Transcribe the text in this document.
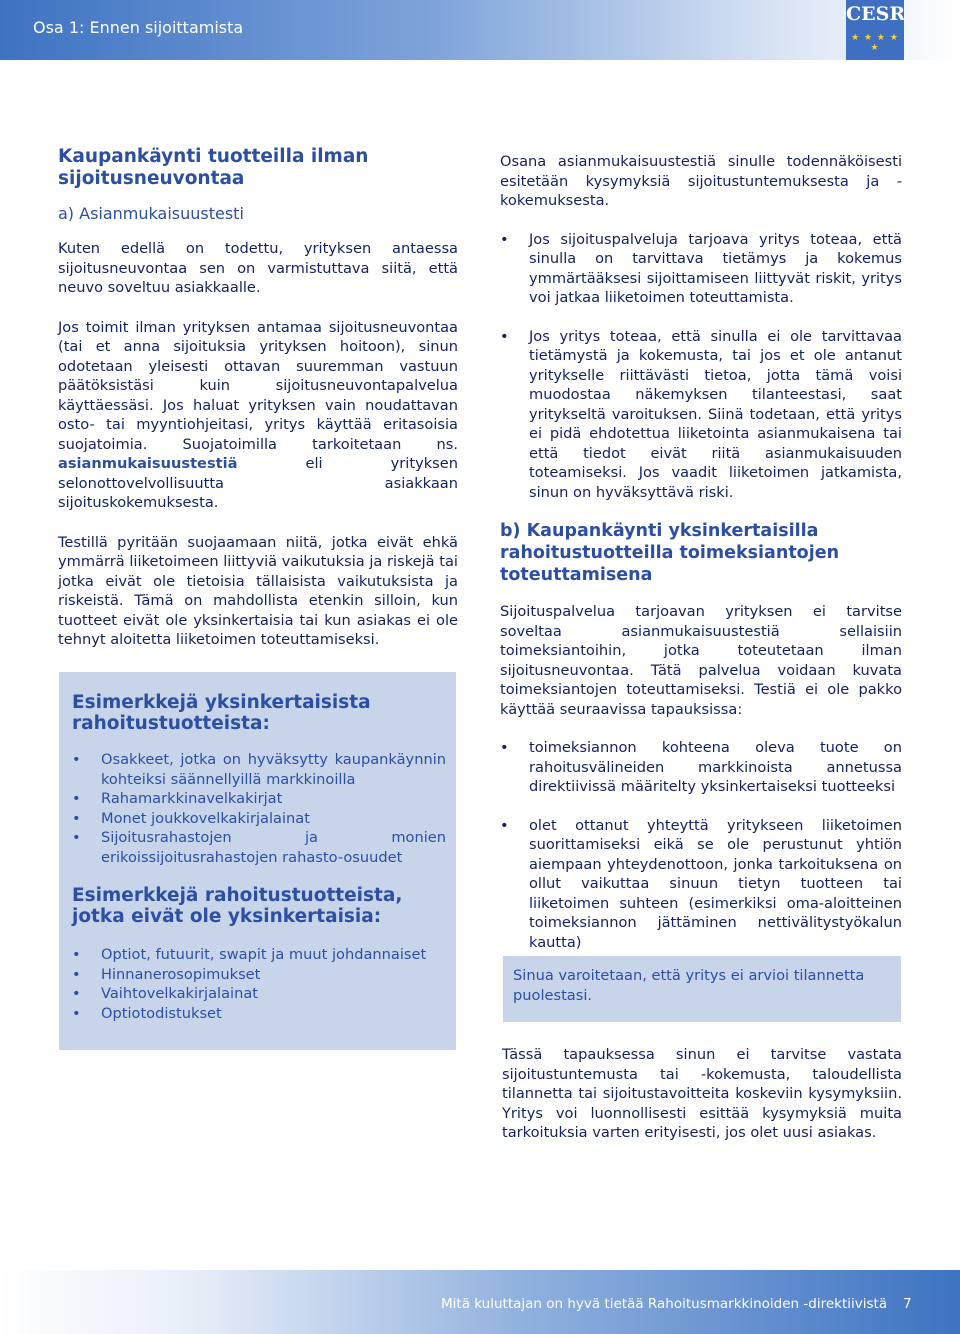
Osa 1: Ennen sijoittamista
CESR
★ ★ ★ ★ ★
Kaupankäynti tuotteilla ilman sijoitusneuvontaa
a) Asianmukaisuustesti

Kuten edellä on todettu, yrityksen antaessa sijoitusneuvontaa sen on varmistuttava siitä, että neuvo soveltuu asiakkaalle.

Jos toimit ilman yrityksen antamaa sijoitusneuvontaa (tai et anna sijoituksia yrityksen hoitoon), sinun odotetaan yleisesti ottavan suuremman vastuun päätöksistäsi kuin sijoitusneuvontapalvelua käyttäessäsi. Jos haluat yrityksen vain noudattavan osto- tai myyntiohjeitasi, yritys käyttää eritasoisia suojatoimia. Suojatoimilla tarkoitetaan ns. asianmukaisuustestiä eli yrityksen selonottovelvollisuutta asiakkaan sijoituskokemuksesta.

Testillä pyritään suojaamaan niitä, jotka eivät ehkä ymmärrä liiketoimeen liittyviä vaikutuksia ja riskejä tai jotka eivät ole tietoisia tällaisista vaikutuksista ja riskeistä. Tämä on mahdollista etenkin silloin, kun tuotteet eivät ole yksinkertaisia tai kun asiakas ei ole tehnyt aloitetta liiketoimen toteuttamiseksi.

Esimerkkejä yksinkertaisista rahoitustuotteista:
• Osakkeet, jotka on hyväksytty kaupankäynnin kohteiksi säännellyillä markkinoilla
• Rahamarkkinavelkakirjat
• Monet joukkovelkakirjalainat
• Sijoitusrahastojen ja monien erikoissijoitusrahastojen rahasto-osuudet
Esimerkkejä rahoitustuotteista, jotka eivät ole yksinkertaisia:
• Optiot, futuurit, swapit ja muut johdannaiset
• Hinnanerosopimukset
• Vaihtovelkakirjalainat
• Optiotodistukset

Osana asianmukaisuustestiä sinulle todennäköisesti esitetään kysymyksiä sijoitustuntemuksesta ja -kokemuksesta.

• Jos sijoituspalveluja tarjoava yritys toteaa, että sinulla on tarvittava tietämys ja kokemus ymmärtääksesi sijoittamiseen liittyvät riskit, yritys voi jatkaa liiketoimen toteuttamista.
• Jos yritys toteaa, että sinulla ei ole tarvittavaa tietämystä ja kokemusta, tai jos et ole antanut yritykselle riittävästi tietoa, jotta tämä voisi muodostaa näkemyksen tilanteestasi, saat yritykseltä varoituksen. Siinä todetaan, että yritys ei pidä ehdotettua liiketointa asianmukaisena tai että tiedot eivät riitä asianmukaisuuden toteamiseksi. Jos vaadit liiketoimen jatkamista, sinun on hyväksyttävä riski.
b) Kaupankäynti yksinkertaisilla rahoitustuotteilla toimeksiantojen toteuttamisena

Sijoituspalvelua tarjoavan yrityksen ei tarvitse soveltaa asianmukaisuustestiä sellaisiin toimeksiantoihin, jotka toteutetaan ilman sijoitusneuvontaa. Tätä palvelua voidaan kuvata toimeksiantojen toteuttamiseksi. Testiä ei ole pakko käyttää seuraavissa tapauksissa:

• toimeksiannon kohteena oleva tuote on rahoitusvälineiden markkinoista annetussa direktiivissä määritelty yksinkertaiseksi tuotteeksi
• olet ottanut yhteyttä yritykseen liiketoimen suorittamiseksi eikä se ole perustunut yhtiön aiempaan yhteydenottoon, jonka tarkoituksena on ollut vaikuttaa sinuun tietyn tuotteen tai liiketoimen suhteen (esimerkiksi oma-aloitteinen toimeksiannon jättäminen nettivälitystyökalun kautta)

Sinua varoitetaan, että yritys ei arvioi tilannetta puolestasi.

Tässä tapauksessa sinun ei tarvitse vastata sijoitustuntemusta tai -kokemusta, taloudellista tilannetta tai sijoitustavoitteita koskeviin kysymyksiin. Yritys voi luonnollisesti esittää kysymyksiä muita tarkoituksia varten erityisesti, jos olet uusi asiakas.

Mitä kuluttajan on hyvä tietää Rahoitusmarkkinoiden -direktiivistä 7
